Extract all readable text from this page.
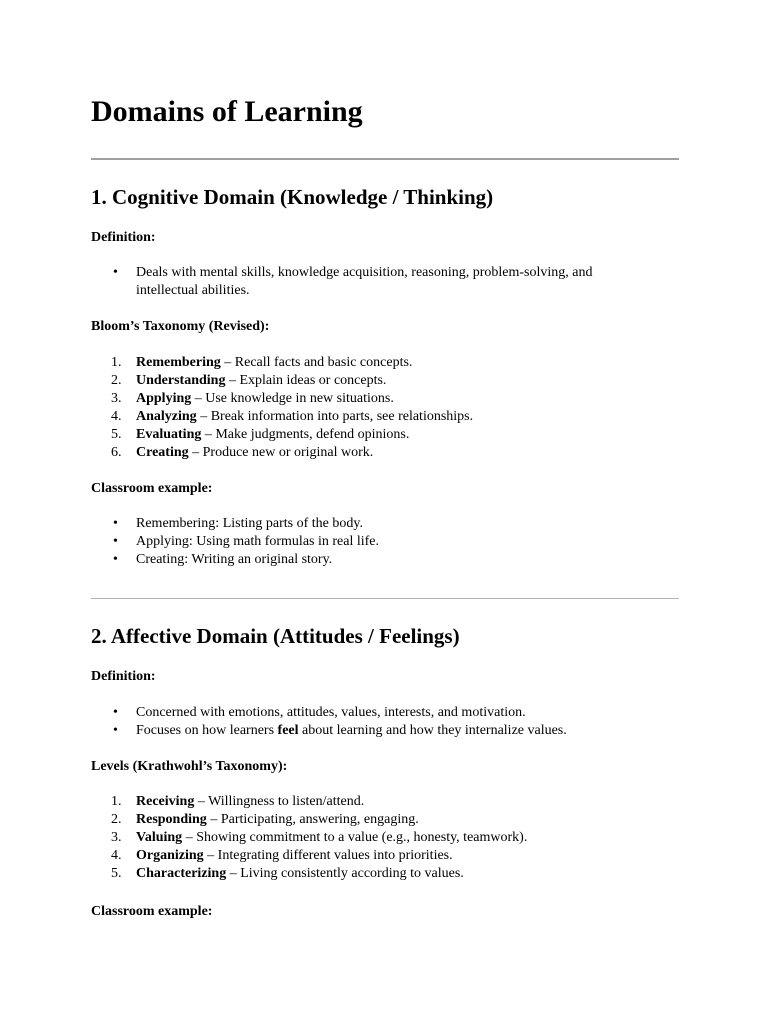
Domains of Learning
1. Cognitive Domain (Knowledge / Thinking)
Definition:
• Deals with mental skills, knowledge acquisition, reasoning, problem-solving, and intellectual abilities.
Bloom’s Taxonomy (Revised):
1. Remembering – Recall facts and basic concepts.
2. Understanding – Explain ideas or concepts.
3. Applying – Use knowledge in new situations.
4. Analyzing – Break information into parts, see relationships.
5. Evaluating – Make judgments, defend opinions.
6. Creating – Produce new or original work.
Classroom example:
• Remembering: Listing parts of the body.
• Applying: Using math formulas in real life.
• Creating: Writing an original story.
2. Affective Domain (Attitudes / Feelings)
Definition:
• Concerned with emotions, attitudes, values, interests, and motivation.
• Focuses on how learners feel about learning and how they internalize values.
Levels (Krathwohl’s Taxonomy):
1. Receiving – Willingness to listen/attend.
2. Responding – Participating, answering, engaging.
3. Valuing – Showing commitment to a value (e.g., honesty, teamwork).
4. Organizing – Integrating different values into priorities.
5. Characterizing – Living consistently according to values.
Classroom example:
